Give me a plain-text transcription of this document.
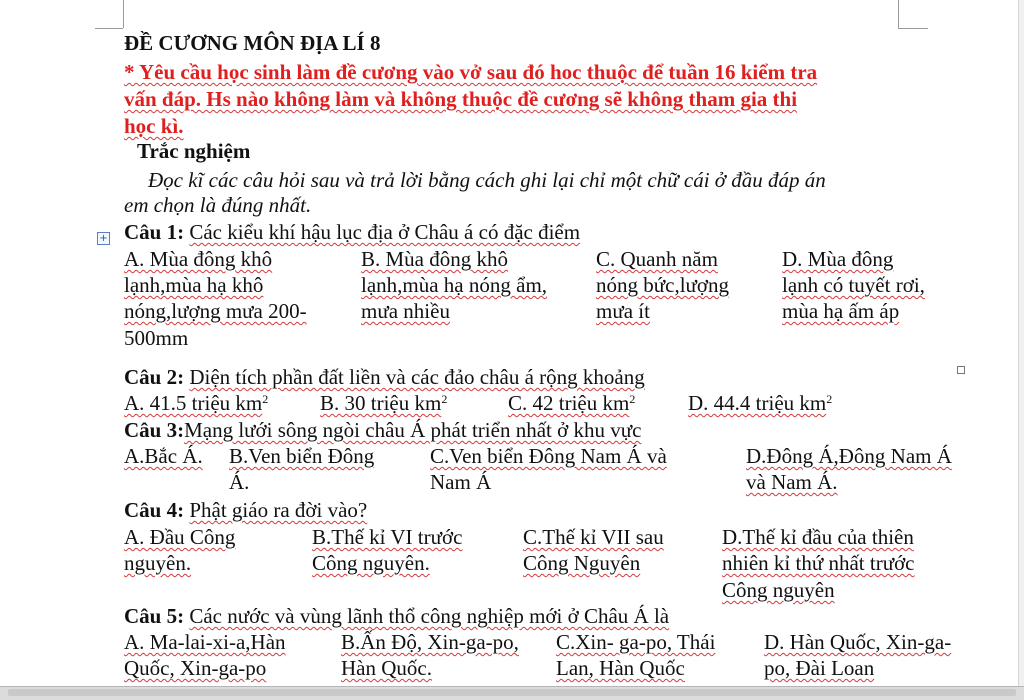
ĐỀ CƯƠNG MÔN ĐỊA LÍ 8
* Yêu cầu học sinh làm đề cương vào vở sau đó hoc thuộc để tuần 16 kiểm tra
vấn đáp. Hs nào không làm và không thuộc đề cương sẽ không tham gia thi
học kì.
Trắc nghiệm
Đọc kĩ các câu hỏi sau và trả lời bằng cách ghi lại chỉ một chữ cái ở đầu đáp án
em chọn là đúng nhất.
+ Câu 1: Các kiểu khí hậu lục địa ở Châu á có đặc điểm
A. Mùa đông khô
lạnh,mùa hạ khô
nóng,lượng mưa 200-
500mm
B. Mùa đông khô
lạnh,mùa hạ nóng ẩm,
mưa nhiều
C. Quanh năm
nóng bức,lượng
mưa ít
D. Mùa đông
lạnh có tuyết rơi,
mùa hạ ấm áp
Câu 2: Diện tích phần đất liền và các đảo châu á rộng khoảng
A. 41.5 triệu $km^2$ B. 30 triệu $km^2$	C. 42 triệu $km^2$	D. 44.4 triệu $km^2$
Câu 3:Mạng lưới sông ngòi châu Á phát triển nhất ở khu vực
A.Bắc Á. B.Ven biển Đông
Á.
C.Ven biển Đông Nam Á và
Nam Á
D.Đông Á,Đông Nam Á
và Nam Á.
Câu 4: Phật giáo ra đời vào?
A. Đầu Công
nguyên.
B.Thế kỉ VI trước
Công nguyên.
C.Thế kỉ VII sau
Công Nguyên
D.Thế kỉ đầu của thiên
nhiên kỉ thứ nhất trước
Công nguyên
Câu 5: Các nước và vùng lãnh thổ công nghiệp mới ở Châu Á là
A. Ma-lai-xi-a,Hàn
Quốc, Xin-ga-po
B.Ấn Độ, Xin-ga-po,
Hàn Quốc.
C.Xin- ga-po, Thái
Lan, Hàn Quốc
D. Hàn Quốc, Xin-ga-
po, Đài Loan
